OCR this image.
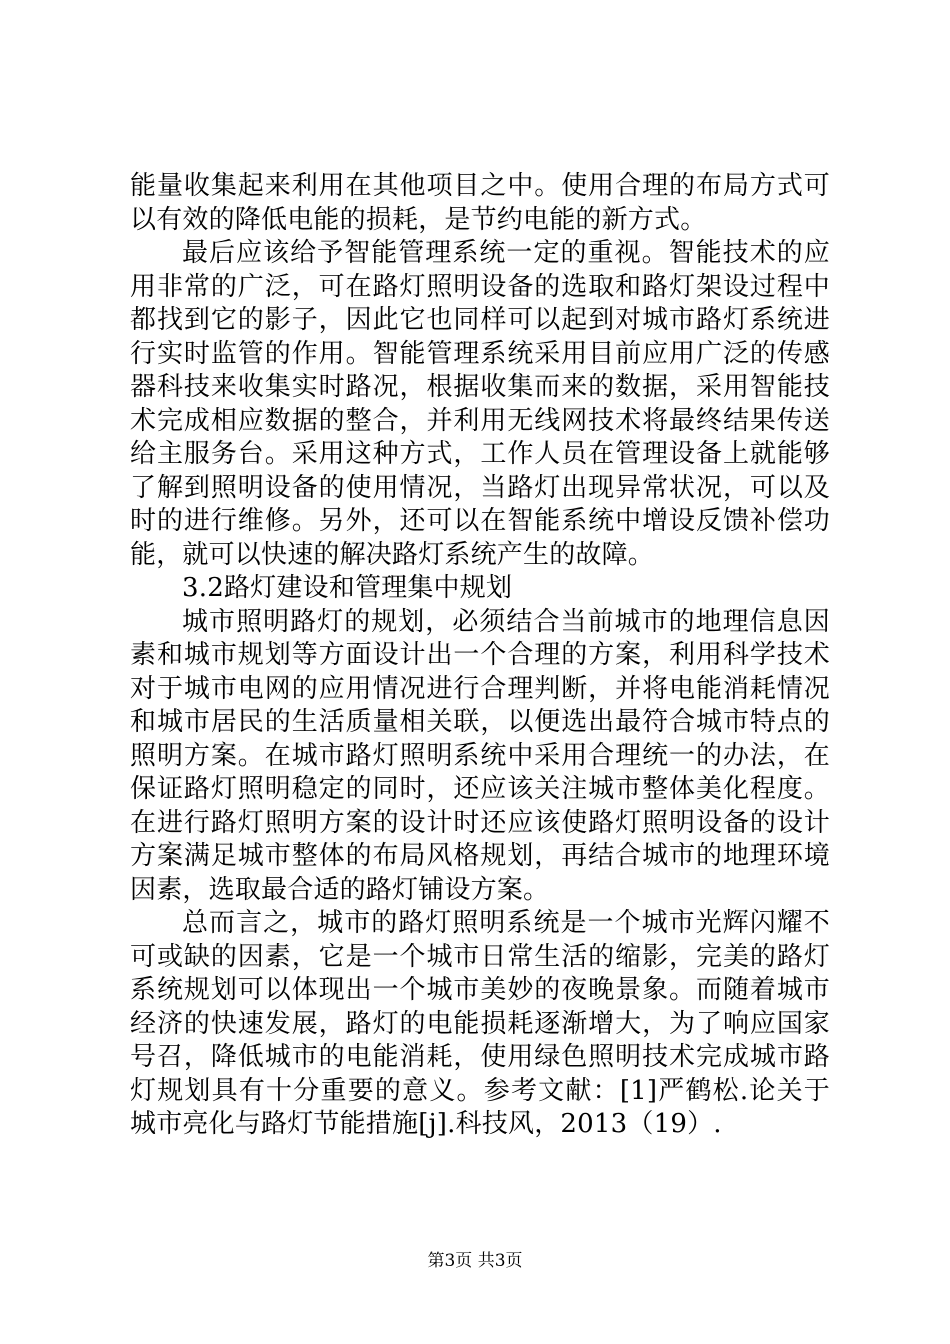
能量收集起来利用在其他项目之中。使用合理的布局方式可以有效的降低电能的损耗，是节约电能的新方式。

最后应该给予智能管理系统一定的重视。智能技术的应用非常的广泛，可在路灯照明设备的选取和路灯架设过程中都找到它的影子，因此它也同样可以起到对城市路灯系统进行实时监管的作用。智能管理系统采用目前应用广泛的传感器科技来收集实时路况，根据收集而来的数据，采用智能技术完成相应数据的整合，并利用无线网技术将最终结果传送给主服务台。采用这种方式，工作人员在管理设备上就能够了解到照明设备的使用情况，当路灯出现异常状况，可以及时的进行维修。另外，还可以在智能系统中增设反馈补偿功能，就可以快速的解决路灯系统产生的故障。

3.2路灯建设和管理集中规划

城市照明路灯的规划，必须结合当前城市的地理信息因素和城市规划等方面设计出一个合理的方案，利用科学技术对于城市电网的应用情况进行合理判断，并将电能消耗情况和城市居民的生活质量相关联，以便选出最符合城市特点的照明方案。在城市路灯照明系统中采用合理统一的办法，在保证路灯照明稳定的同时，还应该关注城市整体美化程度。在进行路灯照明方案的设计时还应该使路灯照明设备的设计方案满足城市整体的布局风格规划，再结合城市的地理环境因素，选取最合适的路灯铺设方案。

总而言之，城市的路灯照明系统是一个城市光辉闪耀不可或缺的因素，它是一个城市日常生活的缩影，完美的路灯系统规划可以体现出一个城市美妙的夜晚景象。而随着城市经济的快速发展，路灯的电能损耗逐渐增大，为了响应国家号召，降低城市的电能消耗，使用绿色照明技术完成城市路灯规划具有十分重要的意义。参考文献：[1]严鹤松.论关于城市亮化与路灯节能措施[j].科技风，2013（19）.

第3页 共3页
